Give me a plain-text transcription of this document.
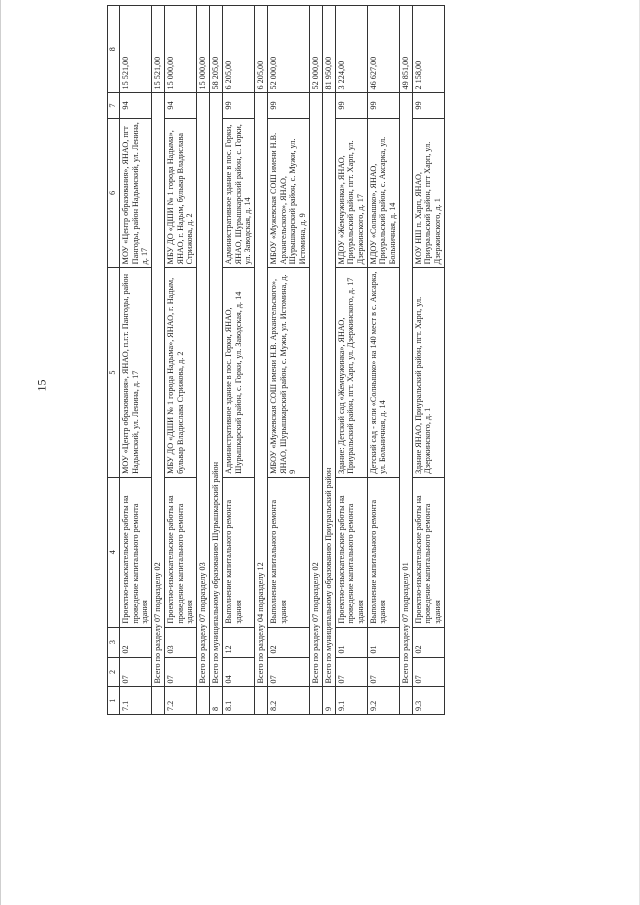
15
1	2	3	4	5	6	7	8
7.1	07	02	Проектно-изыскательские работы на проведение капитального ремонта здания	МОУ «Центр образования», ЯНАО, п.г.т. Пангоды, район Надымский, ул. Ленина, д. 17	МОУ «Центр образования», ЯНАО, пгт Пангоды, район Надымский, ул. Ленина, д. 17	94	15 521,00
	Всего по разделу 07 подразделу 02						15 521,00
7.2	07	03	Проектно-изыскательские работы на проведение капитального ремонта здания	МБУ ДО «ДШИ № 1 города Надыма», ЯНАО, г. Надым, бульвар Владислава Стрижова, д. 2	МБУ ДО «ДШИ № 1 города Надыма», ЯНАО, г. Надым, бульвар Владислава Стрижова, д. 2	94	15 000,00
	Всего по разделу 07 подразделу 03						15 000,00
8	Всего по муниципальному образованию Шурышкарский район						58 205,00
8.1	04	12	Выполнение капитального ремонта здания	Административное здание в пос. Горки, ЯНАО, Шурышкарский район, с. Горки, ул. Заводская, д. 14	Административное здание в пос. Горки, ЯНАО, Шурышкарский район, с. Горки, ул. Заводская, д. 14	99	6 205,00
	Всего по разделу 04 подразделу 12						6 205,00
8.2	07	02	Выполнение капитального ремонта здания	МБОУ «Мужевская СОШ имени Н.В. Архангельского», ЯНАО, Шурышкарский район, с. Мужи, ул. Истомина, д. 9	МБОУ «Мужевская СОШ имени Н.В. Архангельского», ЯНАО, Шурышкарский район, с. Мужи, ул. Истомина, д. 9	99	52 000,00
	Всего по разделу 07 подразделу 02						52 000,00
9	Всего по муниципальному образованию Приуральский район						81 950,00
9.1	07	01	Проектно-изыскательские работы на проведение капитального ремонта здания	Здание: Детский сад «Жемчужинка», ЯНАО, Приуральский район, пгт. Харп, ул. Дзержинского, д. 17	МДОУ «Жемчужинка», ЯНАО, Приуральский район, пгт. Харп, ул. Дзержинского, д. 17	99	3 224,00
9.2	07	01	Выполнение капитального ремонта здания	Детский сад - ясли «Солнышко» на 140 мест в с. Аксарка, ул. Больничная, д. 14	МДОУ «Солнышко», ЯНАО, Приуральский район, с. Аксарка, ул. Больничная, д. 14	99	46 627,00
	Всего по разделу 07 подразделу 01						49 851,00
9.3	07	02	Проектно-изыскательские работы на проведение капитального ремонта здания	Здание ЯНАО, Приуральский район, пгт. Харп, ул. Дзержинского, д. 1	МОУ НШ п. Харп, ЯНАО, Приуральский район, пгт Харп, ул. Дзержинского, д. 1	99	2 158,00
